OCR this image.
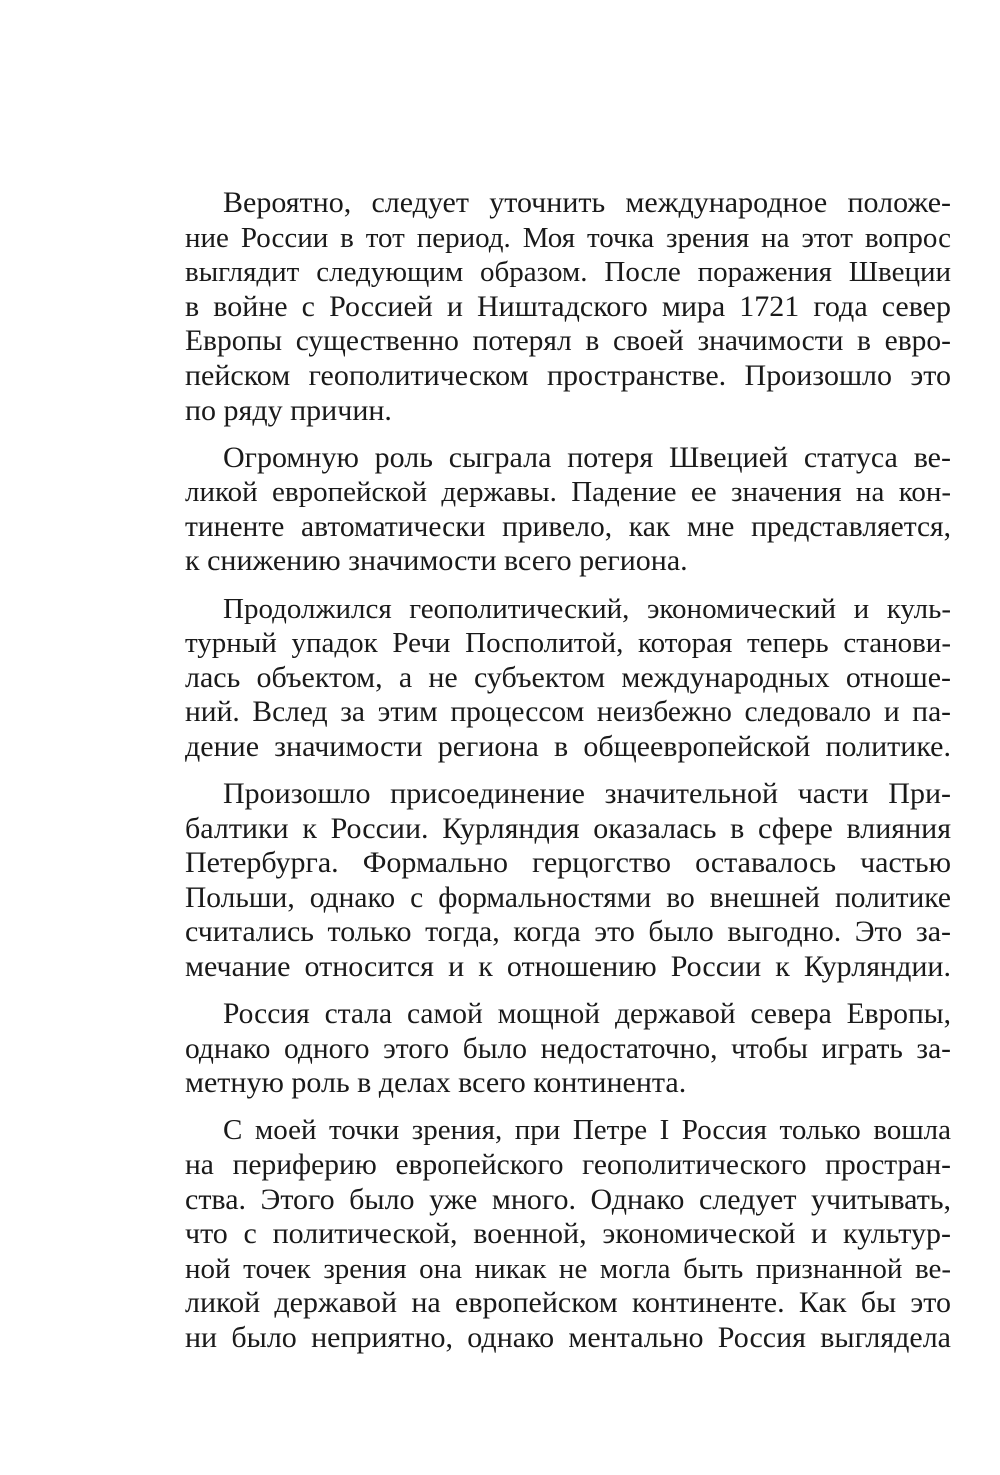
Вероятно, следует уточнить международное положе-
ние России в тот период. Моя точка зрения на этот вопрос
выглядит следующим образом. После поражения Швеции
в войне с Россией и Ништадского мира 1721 года север
Европы существенно потерял в своей значимости в евро-
пейском геополитическом пространстве. Произошло это
по ряду причин.
Огромную роль сыграла потеря Швецией статуса ве-
ликой европейской державы. Падение ее значения на кон-
тиненте автоматически привело, как мне представляется,
к снижению значимости всего региона.
Продолжился геополитический, экономический и куль-
турный упадок Речи Посполитой, которая теперь станови-
лась объектом, а не субъектом международных отноше-
ний. Вслед за этим процессом неизбежно следовало и па-
дение значимости региона в общеевропейской политике.
Произошло присоединение значительной части При-
балтики к России. Курляндия оказалась в сфере влияния
Петербурга. Формально герцогство оставалось частью
Польши, однако с формальностями во внешней политике
считались только тогда, когда это было выгодно. Это за-
мечание относится и к отношению России к Курляндии.
Россия стала самой мощной державой севера Европы,
однако одного этого было недостаточно, чтобы играть за-
метную роль в делах всего континента.
С моей точки зрения, при Петре I Россия только вошла
на периферию европейского геополитического простран-
ства. Этого было уже много. Однако следует учитывать,
что с политической, военной, экономической и культур-
ной точек зрения она никак не могла быть признанной ве-
ликой державой на европейском континенте. Как бы это
ни было неприятно, однако ментально Россия выглядела
